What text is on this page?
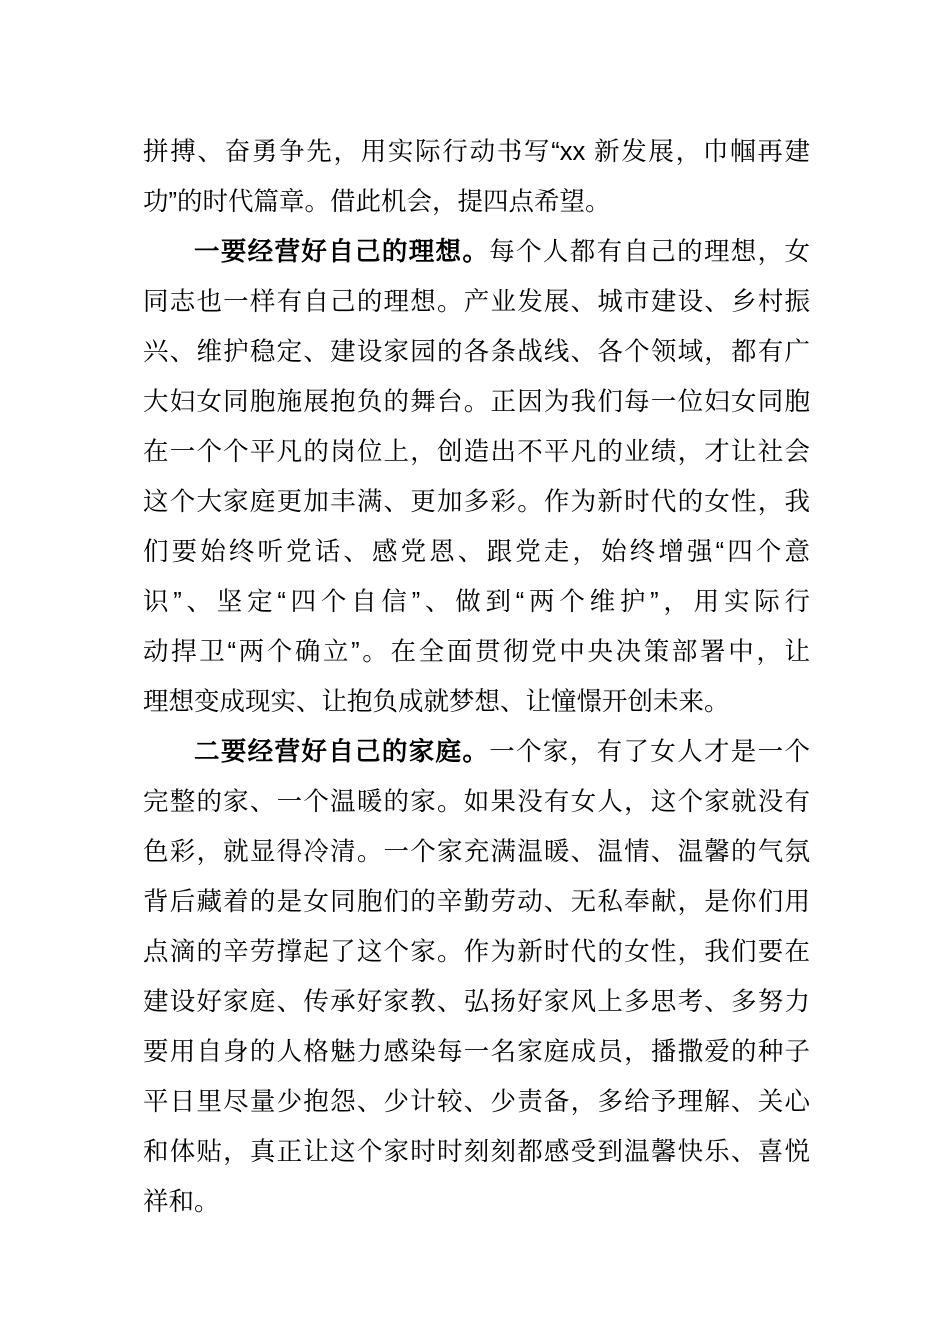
拼搏、奋勇争先，用实际行动书写“xx 新发展，巾帼再建
功”的时代篇章。借此机会，提四点希望。
一要经营好自己的理想。每个人都有自己的理想，女
同志也一样有自己的理想。产业发展、城市建设、乡村振
兴、维护稳定、建设家园的各条战线、各个领域，都有广
大妇女同胞施展抱负的舞台。正因为我们每一位妇女同胞
在一个个平凡的岗位上，创造出不平凡的业绩，才让社会
这个大家庭更加丰满、更加多彩。作为新时代的女性，我
们要始终听党话、感党恩、跟党走，始终增强“四个意
识”、坚定“四个自信”、做到“两个维护”，用实际行
动捍卫“两个确立”。在全面贯彻党中央决策部署中，让
理想变成现实、让抱负成就梦想、让憧憬开创未来。
二要经营好自己的家庭。一个家，有了女人才是一个
完整的家、一个温暖的家。如果没有女人，这个家就没有
色彩，就显得冷清。一个家充满温暖、温情、温馨的气氛
背后藏着的是女同胞们的辛勤劳动、无私奉献，是你们用
点滴的辛劳撑起了这个家。作为新时代的女性，我们要在
建设好家庭、传承好家教、弘扬好家风上多思考、多努力
要用自身的人格魅力感染每一名家庭成员，播撒爱的种子
平日里尽量少抱怨、少计较、少责备，多给予理解、关心
和体贴，真正让这个家时时刻刻都感受到温馨快乐、喜悦
祥和。
